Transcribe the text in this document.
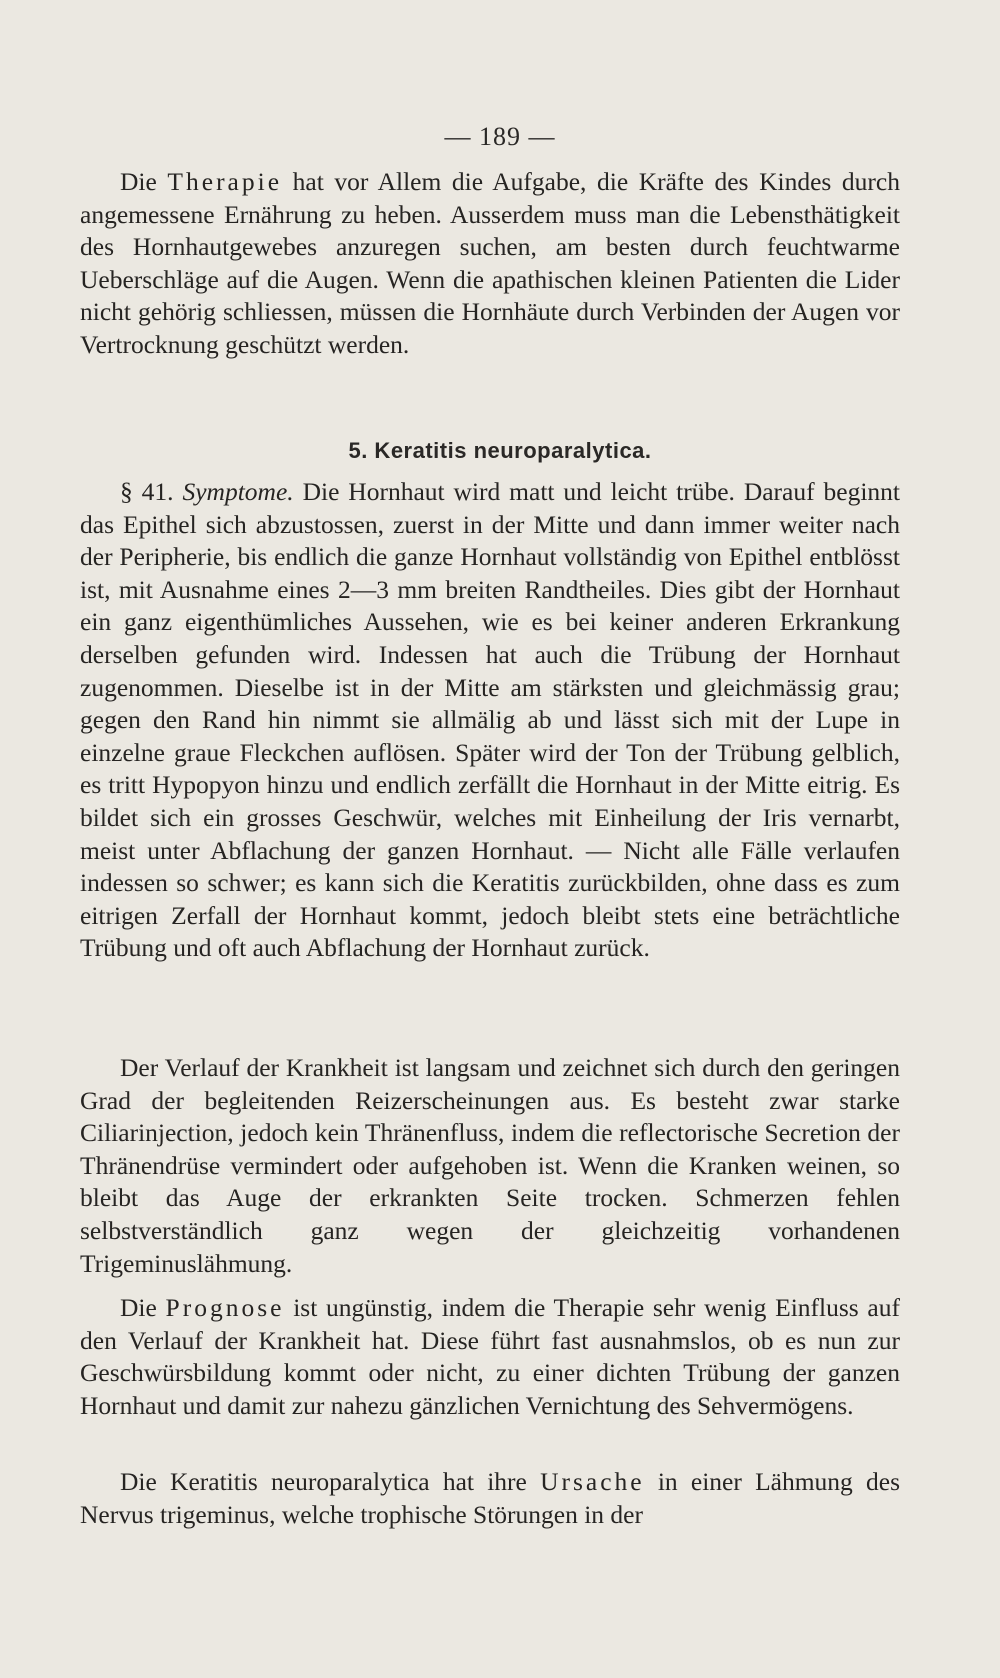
— 189 —

Die Therapie hat vor Allem die Aufgabe, die Kräfte des Kindes durch angemessene Ernährung zu heben. Ausserdem muss man die Lebensthätigkeit des Hornhautgewebes anzuregen suchen, am besten durch feuchtwarme Ueberschläge auf die Augen. Wenn die apathischen kleinen Patienten die Lider nicht gehörig schliessen, müssen die Hornhäute durch Verbinden der Augen vor Vertrocknung geschützt werden.

5. Keratitis neuroparalytica.

§ 41. Symptome. Die Hornhaut wird matt und leicht trübe. Darauf beginnt das Epithel sich abzustossen, zuerst in der Mitte und dann immer weiter nach der Peripherie, bis endlich die ganze Hornhaut vollständig von Epithel entblösst ist, mit Ausnahme eines 2—3 mm breiten Randtheiles. Dies gibt der Hornhaut ein ganz eigenthümliches Aussehen, wie es bei keiner anderen Erkrankung derselben gefunden wird. Indessen hat auch die Trübung der Hornhaut zugenommen. Dieselbe ist in der Mitte am stärksten und gleichmässig grau; gegen den Rand hin nimmt sie allmälig ab und lässt sich mit der Lupe in einzelne graue Fleckchen auflösen. Später wird der Ton der Trübung gelblich, es tritt Hypopyon hinzu und endlich zerfällt die Hornhaut in der Mitte eitrig. Es bildet sich ein grosses Geschwür, welches mit Einheilung der Iris vernarbt, meist unter Abflachung der ganzen Hornhaut. — Nicht alle Fälle verlaufen indessen so schwer; es kann sich die Keratitis zurückbilden, ohne dass es zum eitrigen Zerfall der Hornhaut kommt, jedoch bleibt stets eine beträchtliche Trübung und oft auch Abflachung der Hornhaut zurück.

Der Verlauf der Krankheit ist langsam und zeichnet sich durch den geringen Grad der begleitenden Reizerscheinungen aus. Es besteht zwar starke Ciliarinjection, jedoch kein Thränenfluss, indem die reflectorische Secretion der Thränendrüse vermindert oder aufgehoben ist. Wenn die Kranken weinen, so bleibt das Auge der erkrankten Seite trocken. Schmerzen fehlen selbstverständlich ganz wegen der gleichzeitig vorhandenen Trigeminuslähmung.

Die Prognose ist ungünstig, indem die Therapie sehr wenig Einfluss auf den Verlauf der Krankheit hat. Diese führt fast ausnahmslos, ob es nun zur Geschwürsbildung kommt oder nicht, zu einer dichten Trübung der ganzen Hornhaut und damit zur nahezu gänzlichen Vernichtung des Sehvermögens.

Die Keratitis neuroparalytica hat ihre Ursache in einer Lähmung des Nervus trigeminus, welche trophische Störungen in der
